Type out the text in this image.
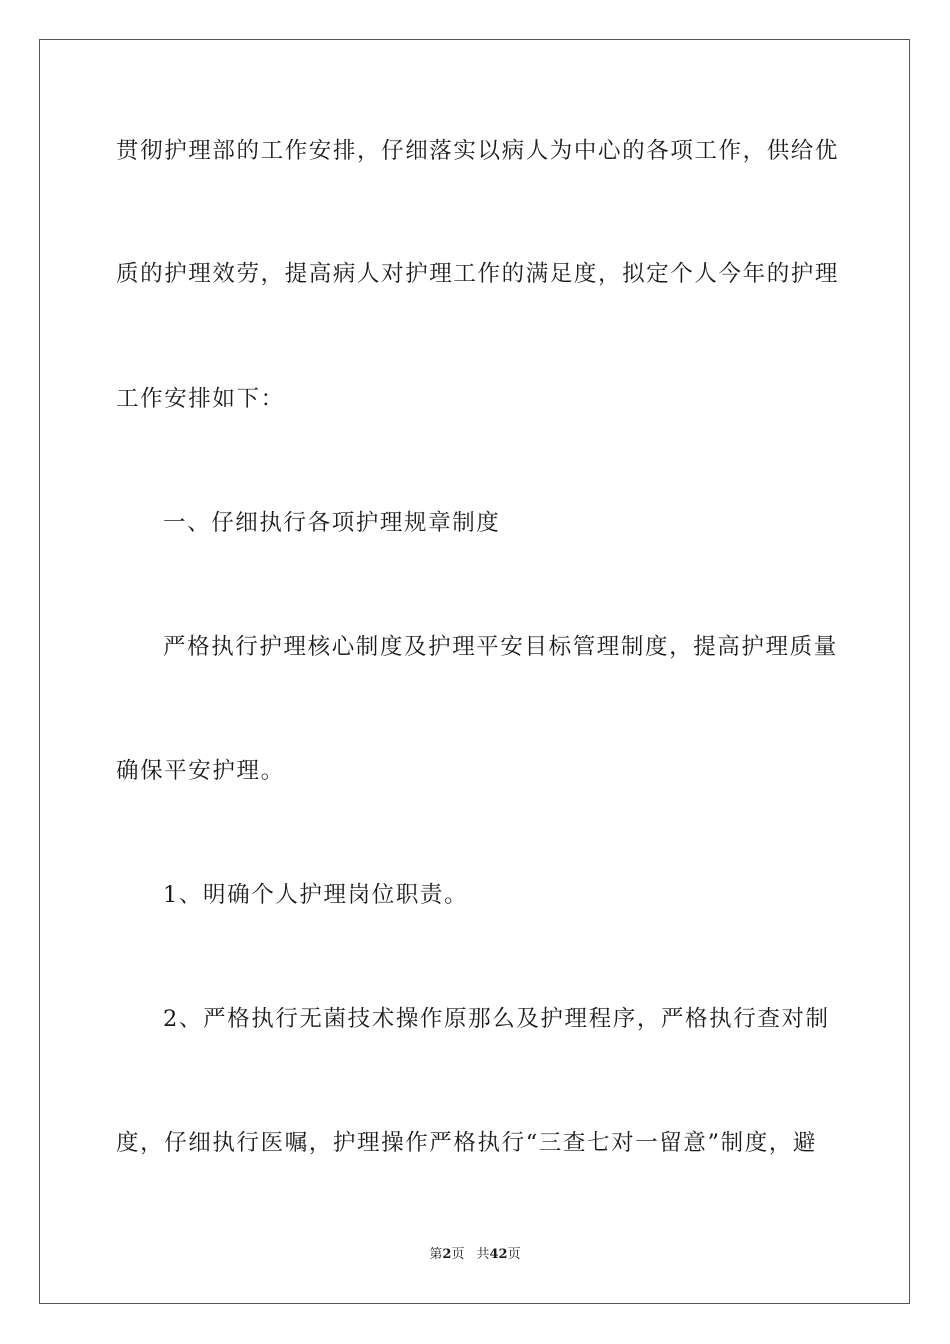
贯彻护理部的工作安排，仔细落实以病人为中心的各项工作，供给优
质的护理效劳，提高病人对护理工作的满足度，拟定个人今年的护理
工作安排如下：
一、仔细执行各项护理规章制度
严格执行护理核心制度及护理平安目标管理制度，提高护理质量
确保平安护理。
1、明确个人护理岗位职责。
2、严格执行无菌技术操作原那么及护理程序，严格执行查对制
度，仔细执行医嘱，护理操作严格执行“三查七对一留意”制度，避
第2页 共42页
